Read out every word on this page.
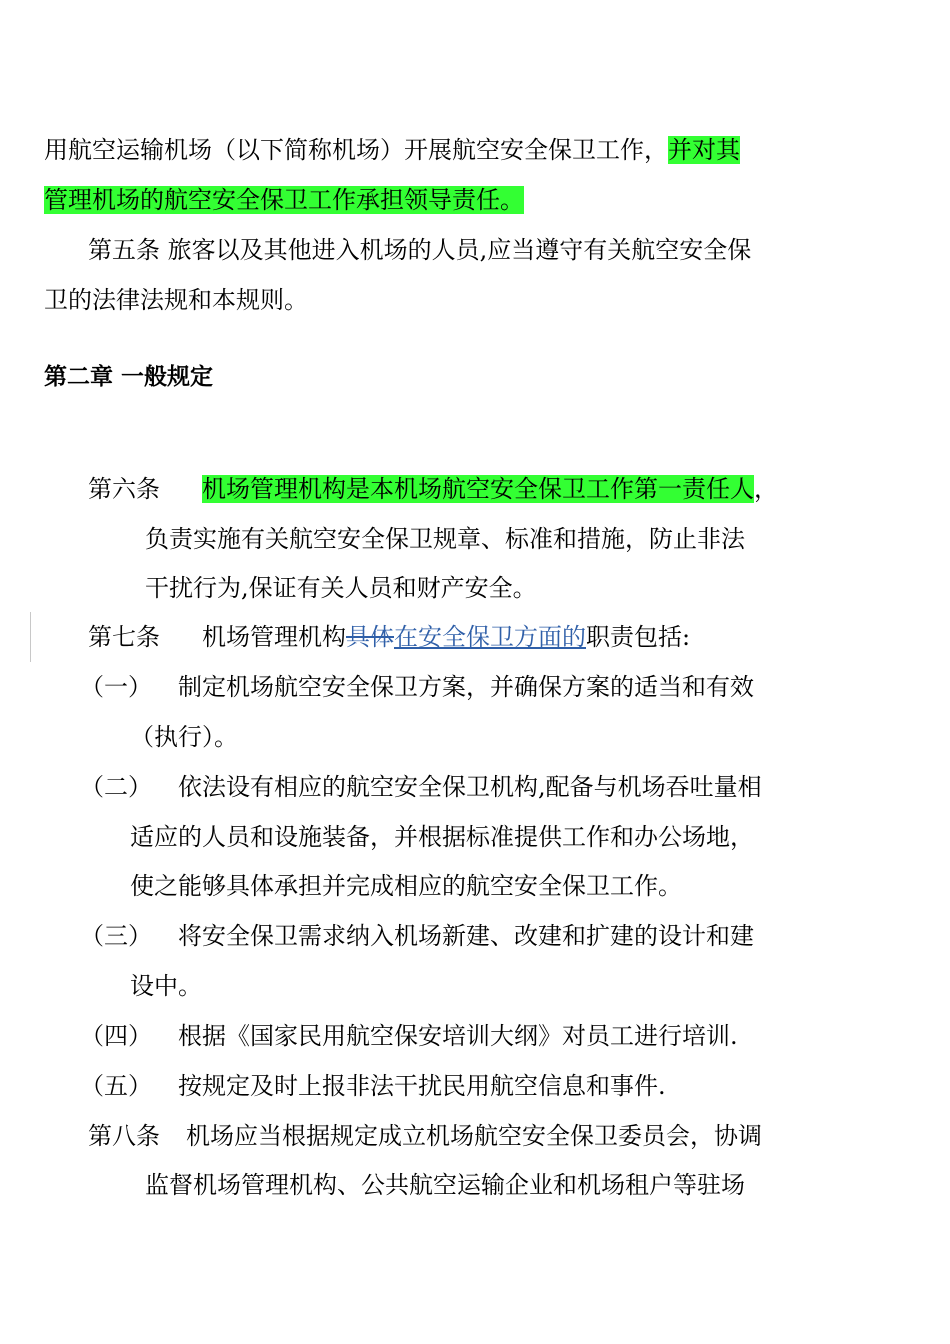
用航空运输机场（以下简称机场）开展航空安全保卫工作，并对其
管理机场的航空安全保卫工作承担领导责任。
第五条 旅客以及其他进入机场的人员,应当遵守有关航空安全保
卫的法律法规和本规则。
第二章 一般规定
第六条 机场管理机构是本机场航空安全保卫工作第一责任人，
负责实施有关航空安全保卫规章、标准和措施，防止非法
干扰行为,保证有关人员和财产安全。
第七条 机场管理机构具体在安全保卫方面的职责包括:
（一） 制定机场航空安全保卫方案，并确保方案的适当和有效
（执行）。
（二） 依法设有相应的航空安全保卫机构,配备与机场吞吐量相
适应的人员和设施装备，并根据标准提供工作和办公场地，
使之能够具体承担并完成相应的航空安全保卫工作。
（三） 将安全保卫需求纳入机场新建、改建和扩建的设计和建
设中。
（四） 根据《国家民用航空保安培训大纲》对员工进行培训.
（五） 按规定及时上报非法干扰民用航空信息和事件.
第八条 机场应当根据规定成立机场航空安全保卫委员会，协调
监督机场管理机构、公共航空运输企业和机场租户等驻场
